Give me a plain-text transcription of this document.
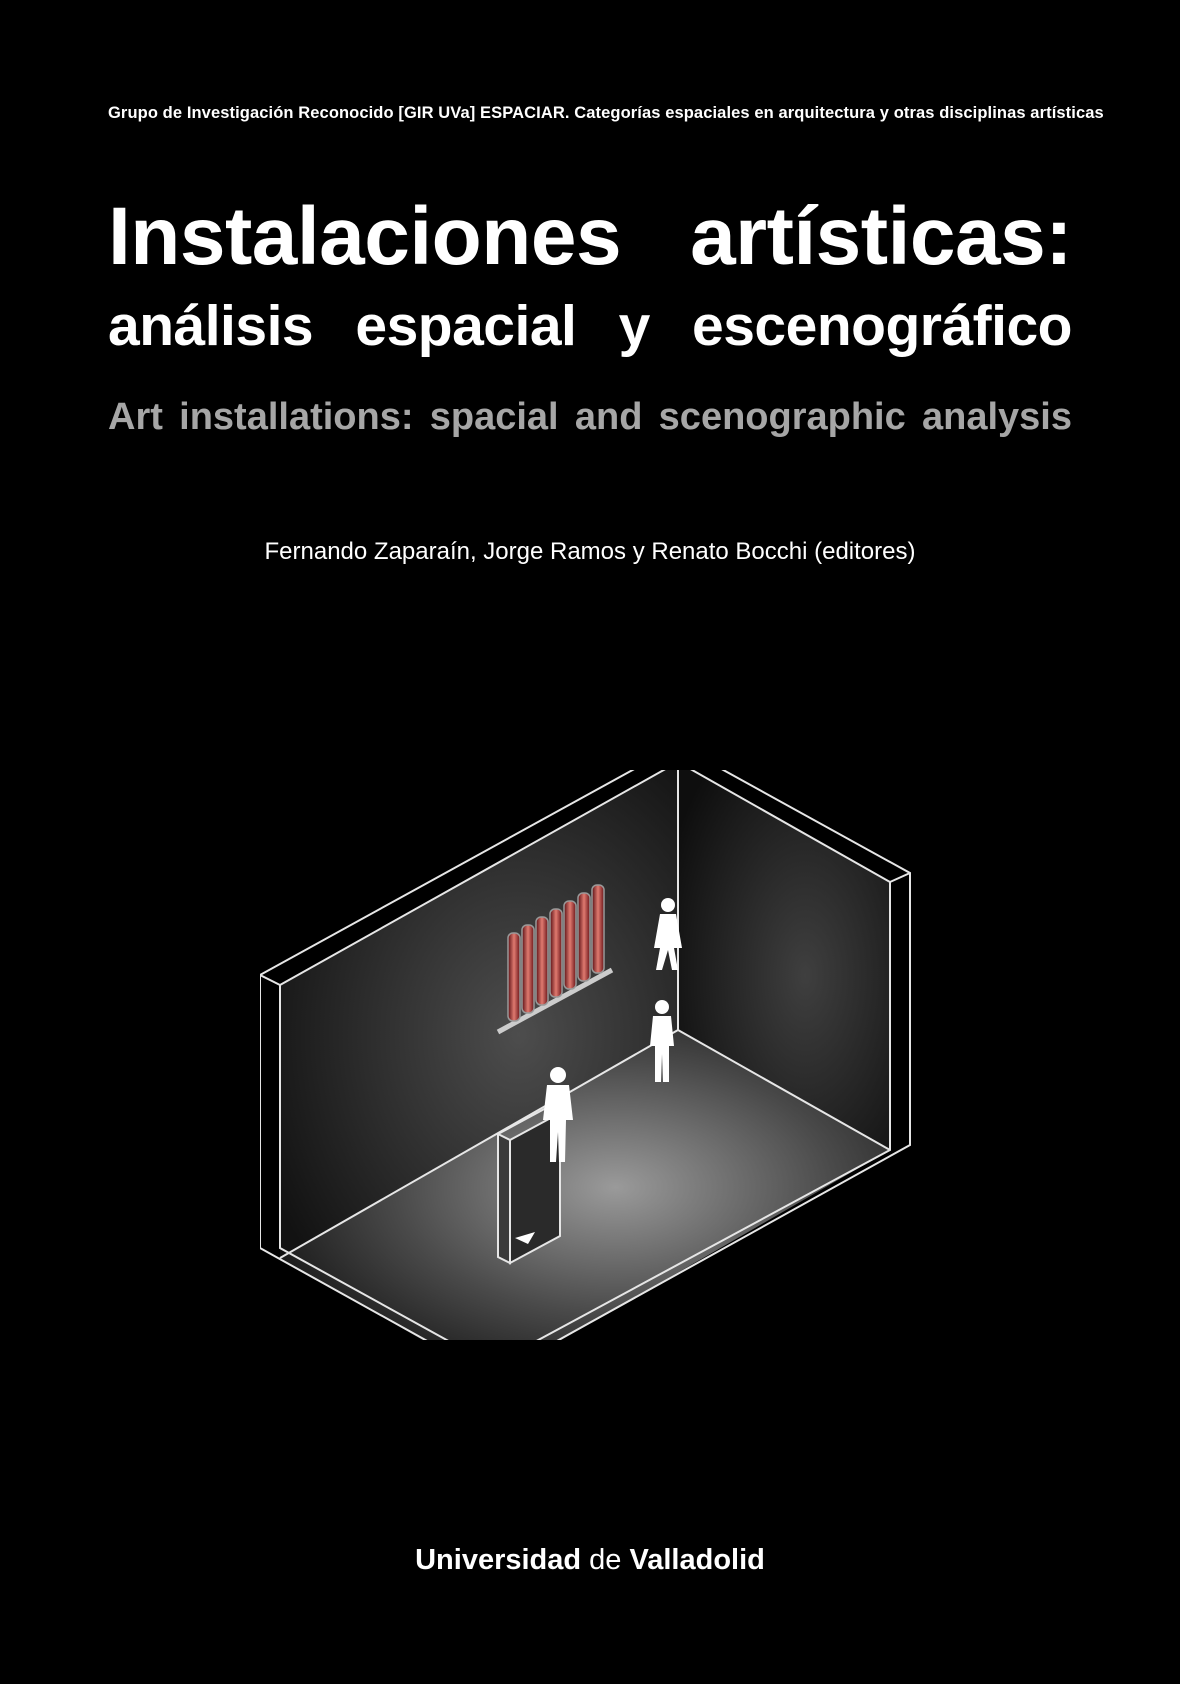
Grupo de Investigación Reconocido [GIR UVa] ESPACIAR. Categorías espaciales en arquitectura y otras disciplinas artísticas
Instalaciones artísticas:
análisis espacial y escenográfico
Art installations: spacial and scenographic analysis
Fernando Zaparaín, Jorge Ramos y Renato Bocchi (editores)
Universidad de Valladolid
